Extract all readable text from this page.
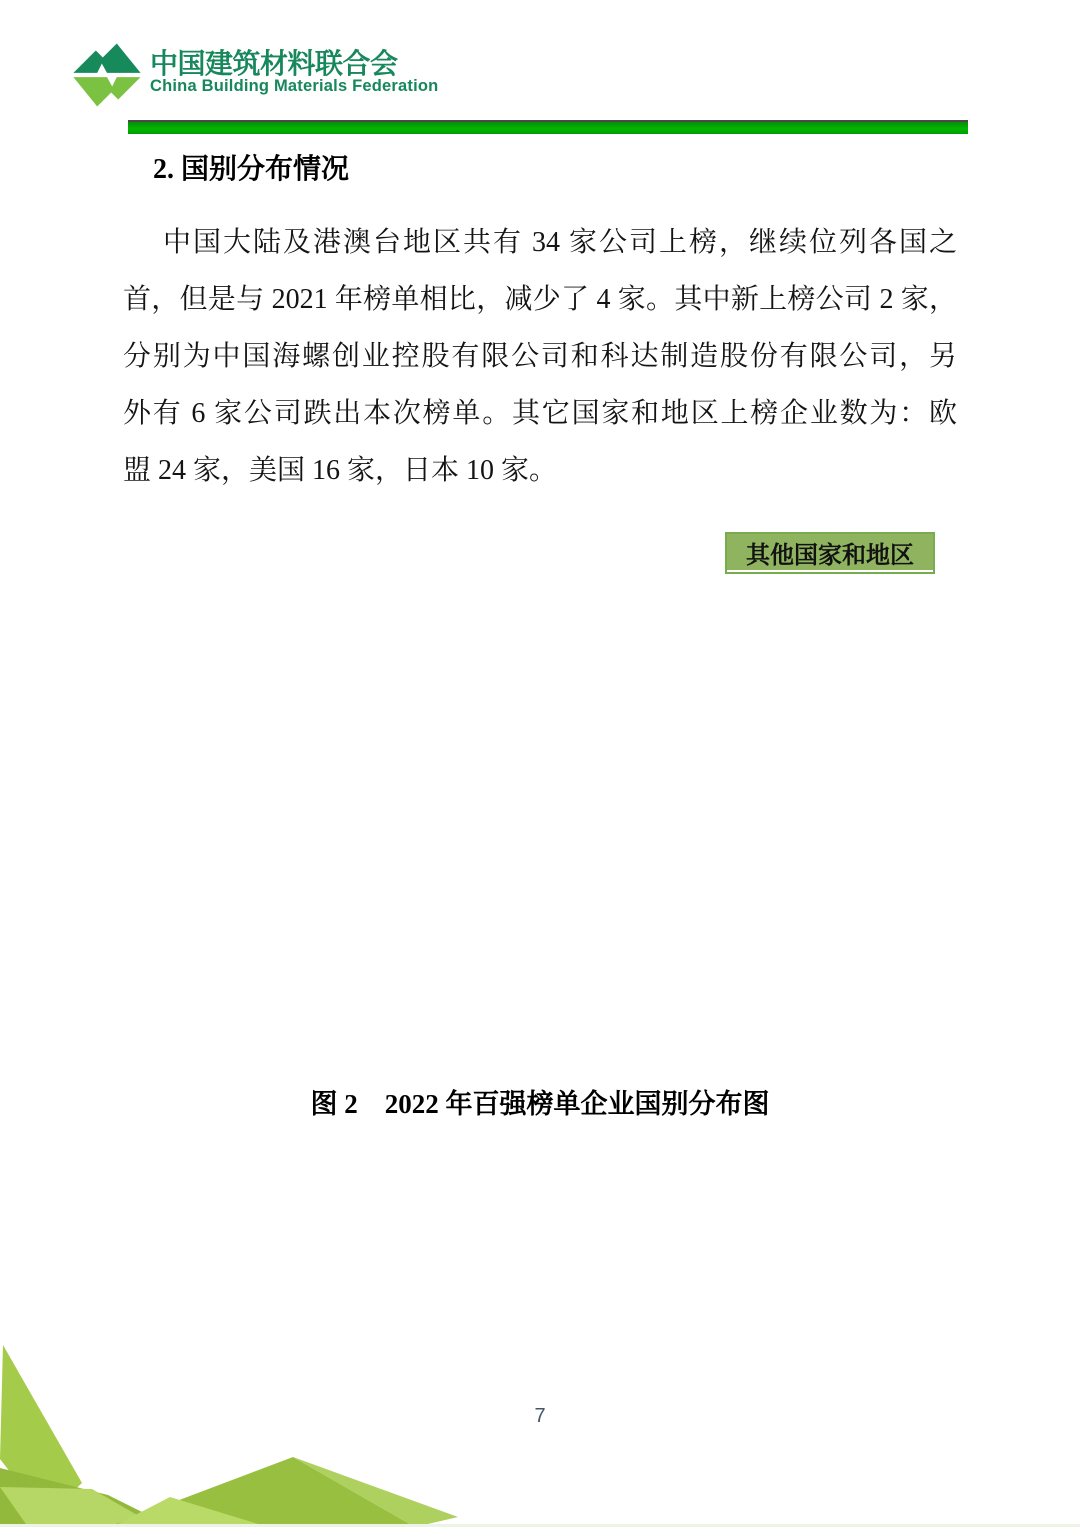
中国建筑材料联合会
China Building Materials Federation
2. 国别分布情况
中国大陆及港澳台地区共有 34 家公司上榜，继续位列各国之
首，但是与 2021 年榜单相比，减少了 4 家。其中新上榜公司 2 家，
分别为中国海螺创业控股有限公司和科达制造股份有限公司，另
外有 6 家公司跌出本次榜单。其它国家和地区上榜企业数为：欧
盟 24 家，美国 16 家，日本 10 家。
其他国家和地区
图 2　2022 年百强榜单企业国别分布图
7
